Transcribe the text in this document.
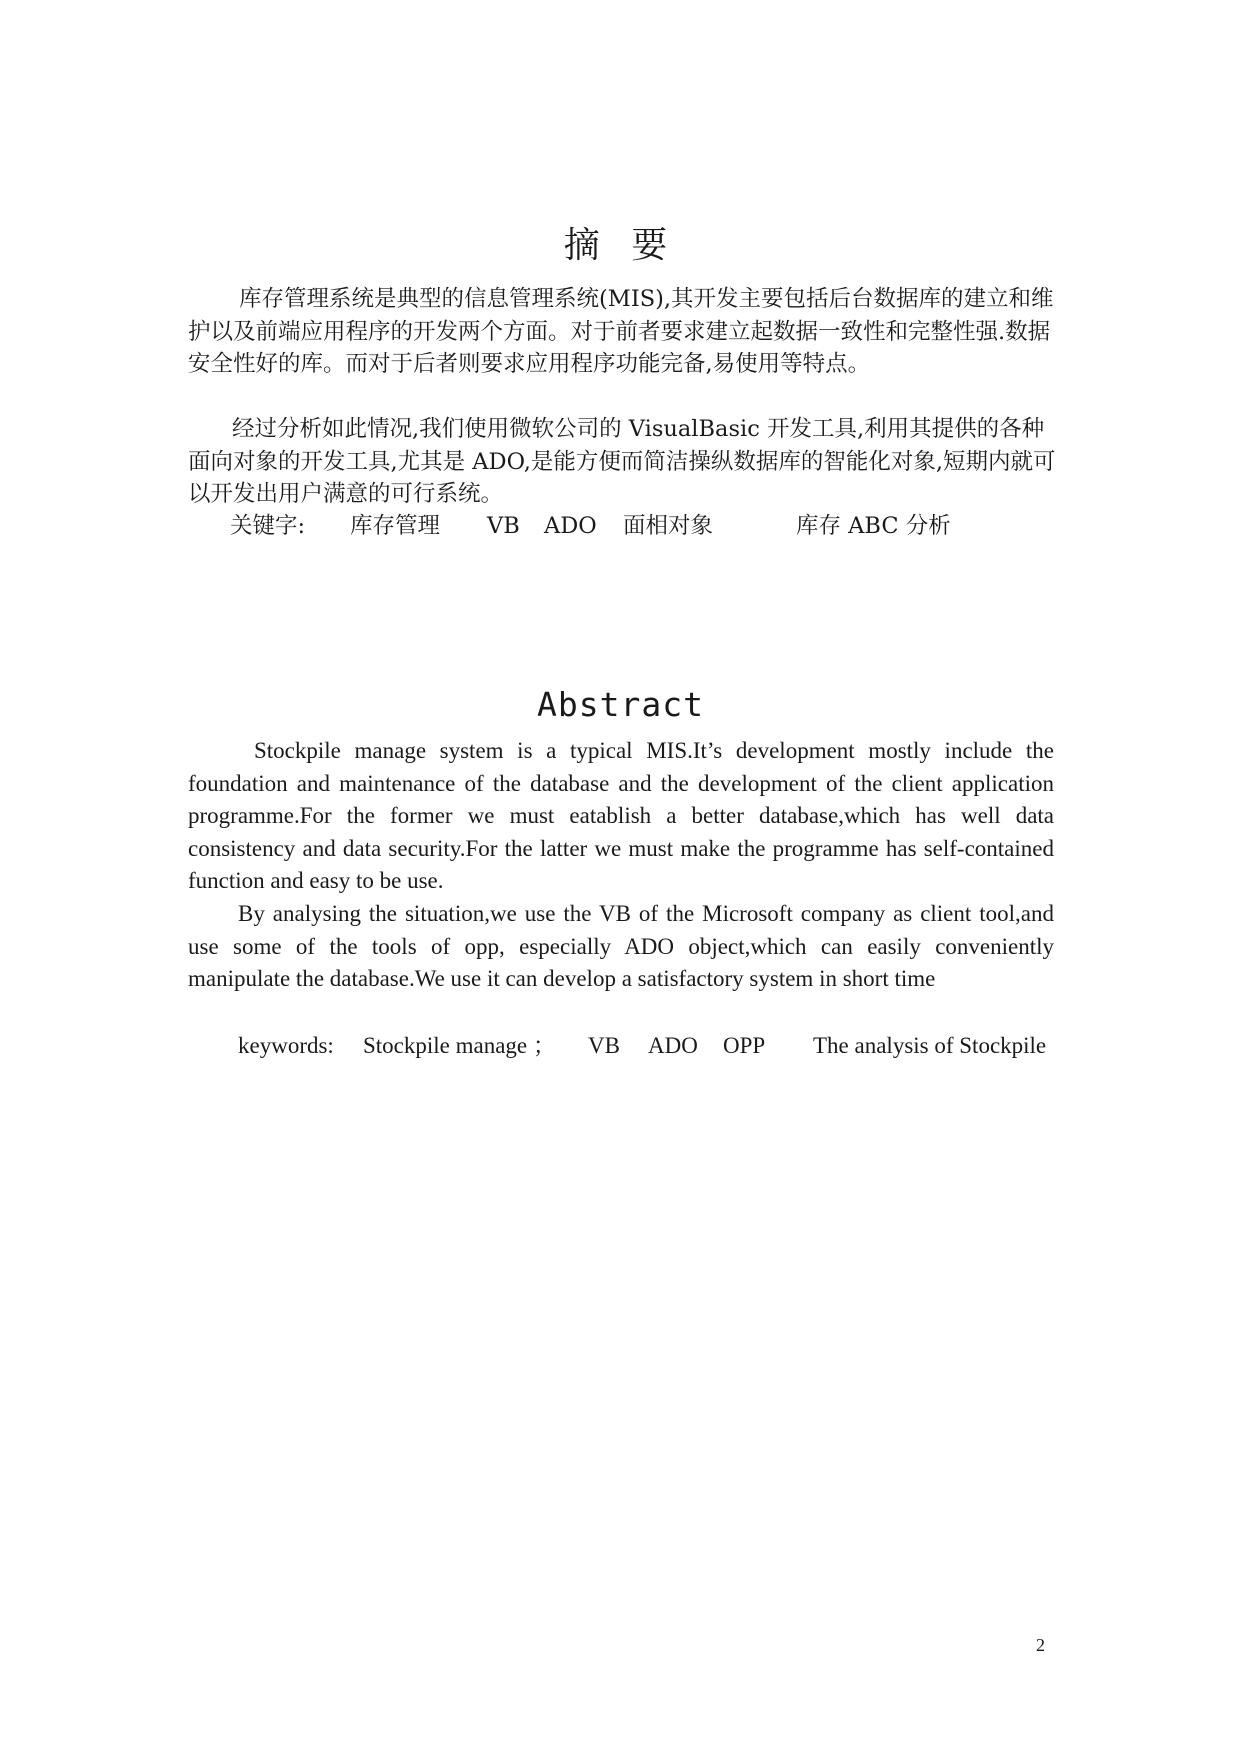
摘 要

库存管理系统是典型的信息管理系统(MIS),其开发主要包括后台数据库的建立和维护以及前端应用程序的开发两个方面。对于前者要求建立起数据一致性和完整性强.数据安全性好的库。而对于后者则要求应用程序功能完备,易使用等特点。

经过分析如此情况,我们使用微软公司的 VisualBasic 开发工具,利用其提供的各种面向对象的开发工具,尤其是 ADO,是能方便而简洁操纵数据库的智能化对象,短期内就可以开发出用户满意的可行系统。

关键字: 库存管理 VB ADO 面相对象	库存 ABC 分析
Abstract

Stockpile manage system is a typical MIS.It’s development mostly include the foundation and maintenance of the database and the development of the client application programme.For the former we must eatablish a better database,which has well data consistency and data security.For the latter we must make the programme has self-contained function and easy to be use.

By analysing the situation,we use the VB of the Microsoft company as client tool,and use some of the tools of opp, especially ADO object,which can easily conveniently manipulate the database.We use it can develop a satisfactory system in short time

keywords: Stockpile manage ； VB ADO OPP The analysis of Stockpile
2
